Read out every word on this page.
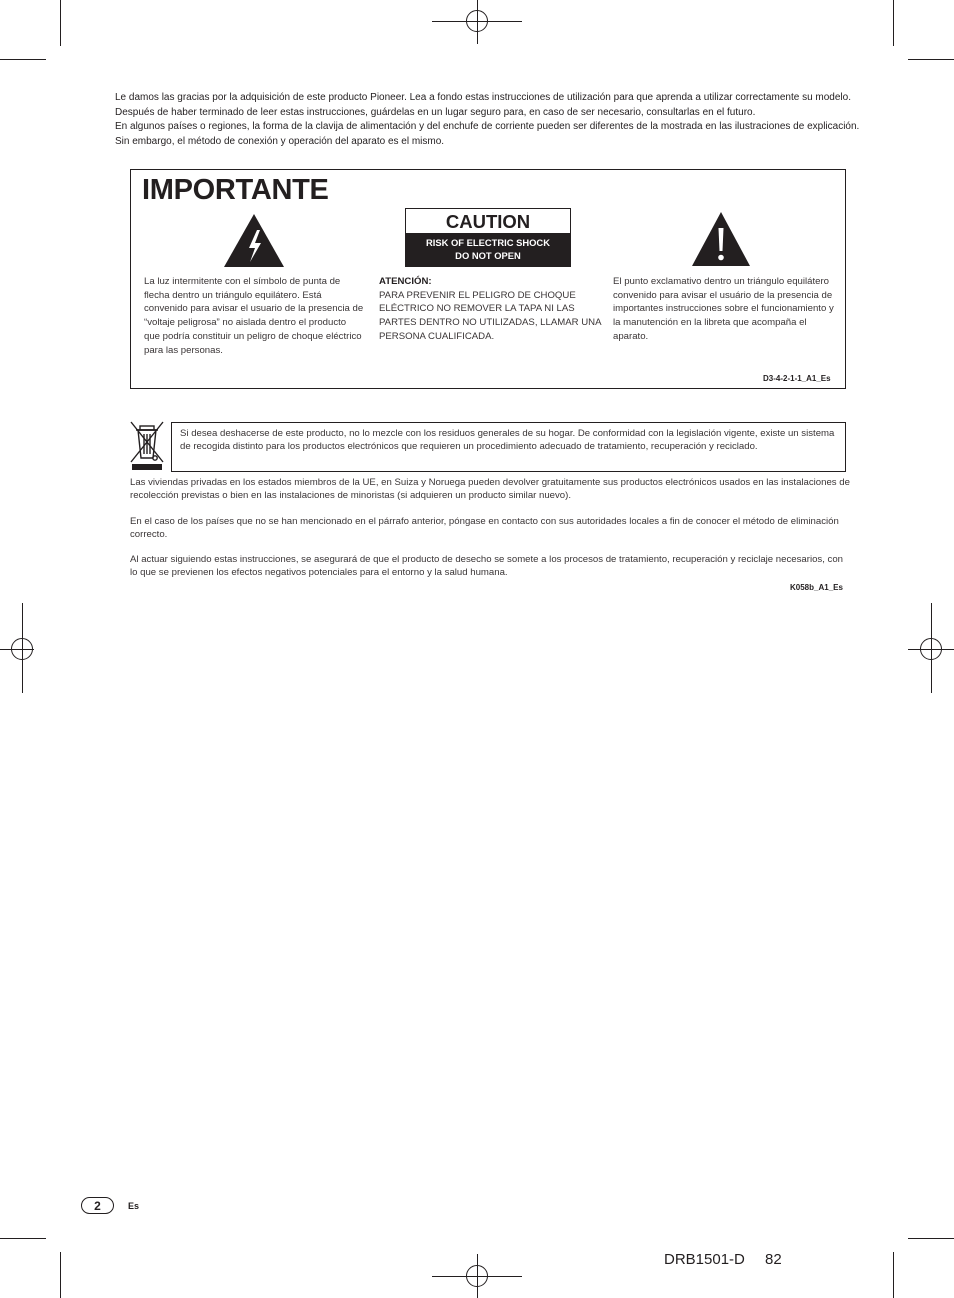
Le damos las gracias por la adquisición de este producto Pioneer. Lea a fondo estas instrucciones de utilización para que aprenda a utilizar correctamente su modelo. Después de haber terminado de leer estas instrucciones, guárdelas en un lugar seguro para, en caso de ser necesario, consultarlas en el futuro.

En algunos países o regiones, la forma de la clavija de alimentación y del enchufe de corriente pueden ser diferentes de la mostrada en las ilustraciones de explicación. Sin embargo, el método de conexión y operación del aparato es el mismo.

IMPORTANTE
CAUTION
RISK OF ELECTRIC SHOCK
DO NOT OPEN
La luz intermitente con el símbolo de punta de flecha dentro un triángulo equilátero. Está convenido para avisar el usuario de la presencia de “voltaje peligrosa” no aislada dentro el producto que podría constituir un peligro de choque eléctrico para las personas.
ATENCIÓN:
PARA PREVENIR EL PELIGRO DE CHOQUE ELÉCTRICO NO REMOVER LA TAPA NI LAS PARTES DENTRO NO UTILIZADAS, LLAMAR UNA PERSONA CUALIFICADA.
El punto exclamativo dentro un triángulo equilátero convenido para avisar el usuário de la presencia de importantes instrucciones sobre el funcionamiento y la manutención en la libreta que acompaña el aparato.
D3-4-2-1-1_A1_Es
Si desea deshacerse de este producto, no lo mezcle con los residuos generales de su hogar. De conformidad con la legislación vigente, existe un sistema de recogida distinto para los productos electrónicos que requieren un procedimiento adecuado de tratamiento, recuperación y reciclado.
Las viviendas privadas en los estados miembros de la UE, en Suiza y Noruega pueden devolver gratuitamente sus productos electrónicos usados en las instalaciones de recolección previstas o bien en las instalaciones de minoristas (si adquieren un producto similar nuevo).
En el caso de los países que no se han mencionado en el párrafo anterior, póngase en contacto con sus autoridades locales a fin de conocer el método de eliminación correcto.
Al actuar siguiendo estas instrucciones, se asegurará de que el producto de desecho se somete a los procesos de tratamiento, recuperación y reciclaje necesarios, con lo que se previenen los efectos negativos potenciales para el entorno y la salud humana.
K058b_A1_Es
2	Es
DRB1501-D 82
